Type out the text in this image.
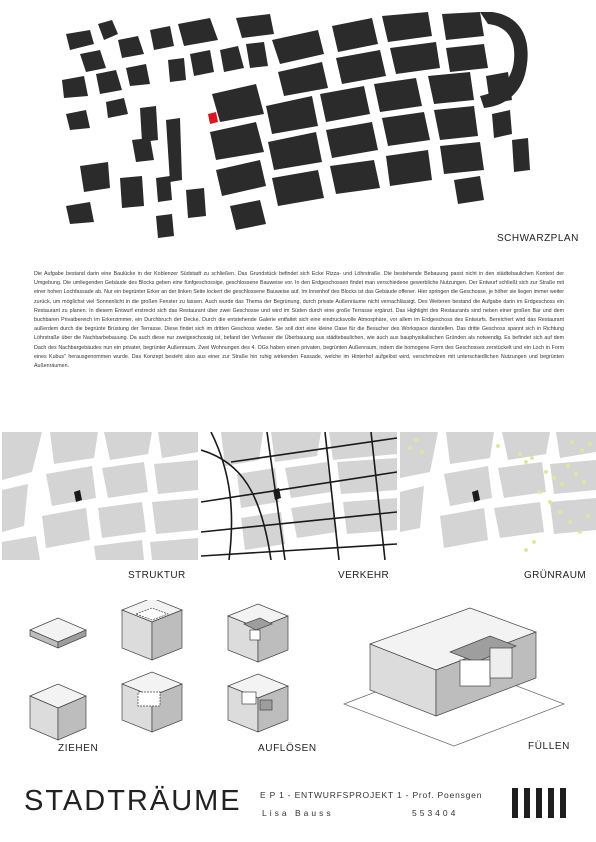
SCHWARZPLAN
Die Aufgabe bestand darin eine Baulücke in der Koblenzer Südstadt zu schließen. Das Grundstück befindet sich Ecke Rizza- und Löhrstraße. Die bestehende Bebauung passt nicht in den städtebaulichen Kontext der Umgebung. Die umliegenden Gebäude des Blocks geben eine fünfgeschossige, geschlossene Bauweise vor. In den Erdgeschossen findet man verschiedene gewerbliche Nutzungen. Der Entwurf schließt sich zur Straße mit einer hohen Lochfassade ab. Nur ein begrünter Erker an der linken Seite lockert die geschlossene Bauweise auf. Im Innenhof des Blocks ist das Gebäude offener. Hier springen die Geschosse, je höher sie liegen immer weiter zurück, um möglichst viel Sonnenlicht in die großen Fenster zu lassen. Auch wurde das Thema der Begrünung, durch private Außenräume nicht vernachlässigt. Des Weiteren bestand die Aufgabe darin im Erdgeschoss ein Restaurant zu planen. In diesem Entwurf erstreckt sich das Restaurant über zwei Geschosse und wird im Süden durch eine große Terrasse ergänzt. Das Highlight des Restaurants sind neben einer großen Bar und dem buchbaren Privatbereich im Erkerzimmer, ein Durchbruch der Decke. Durch die entstehende Galerie entfaltet sich eine eindrucksvolle Atmosphäre, vor allem im Erdgeschoss des Entwurfs. Bereichert wird das Restaurant außerdem durch die begrünte Brüstung der Terrasse. Diese findet sich im dritten Geschoss wieder. Sie soll dort eine kleine Oase für die Besucher des Workspace darstellen. Das dritte Geschoss spannt sich in Richtung Löhrstraße über die Nachbarbebauung. Da auch diese nur zweigeschossig ist, befand der Verfasser die Überbauung aus städtebaulichen, wie auch aus bauphysikalischen Gründen als notwendig. Es befindet sich auf dem Dach des Nachbargebäudes nun ein privater, begrünter Außenraum. Zwei Wohnungen des 4. OGs haben einen privaten, begrünten Außenraum, indem die homogene Form des Geschosses zerstückelt und ein Loch in Form eines Kubus" herausgenommen wurde. Das Konzept besteht also aus einer zur Straße hin ruhig wirkenden Fassade, welche im Hinterhof aufgelöst wird, verschmolzen mit unterschiedlichen Nutzungen und begrünten Außenräumen.
STRUKTUR	VERKEHR	GRÜNRAUM
ZIEHEN	AUFLÖSEN	FÜLLEN
STADTRÄUME E P 1 - ENTWURFSPROJEKT 1 - Prof. Poensgen
Lisa Bauss	553404
